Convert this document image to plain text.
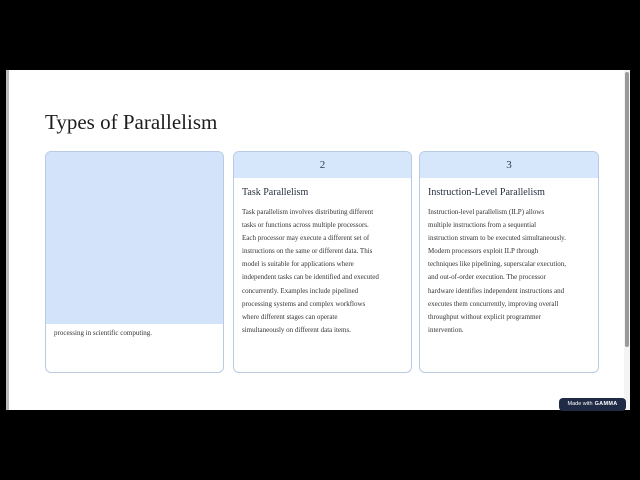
Types of Parallelism
processing in scientific computing.
2
Task Parallelism
Task parallelism involves distributing different
tasks or functions across multiple processors.
Each processor may execute a different set of
instructions on the same or different data. This
model is suitable for applications where
independent tasks can be identified and executed
concurrently. Examples include pipelined
processing systems and complex workflows
where different stages can operate
simultaneously on different data items.
3
Instruction-Level Parallelism
Instruction-level parallelism (ILP) allows
multiple instructions from a sequential
instruction stream to be executed simultaneously.
Modern processors exploit ILP through
techniques like pipelining, superscalar execution,
and out-of-order execution. The processor
hardware identifies independent instructions and
executes them concurrently, improving overall
throughput without explicit programmer
intervention.
Made with GAMMA
